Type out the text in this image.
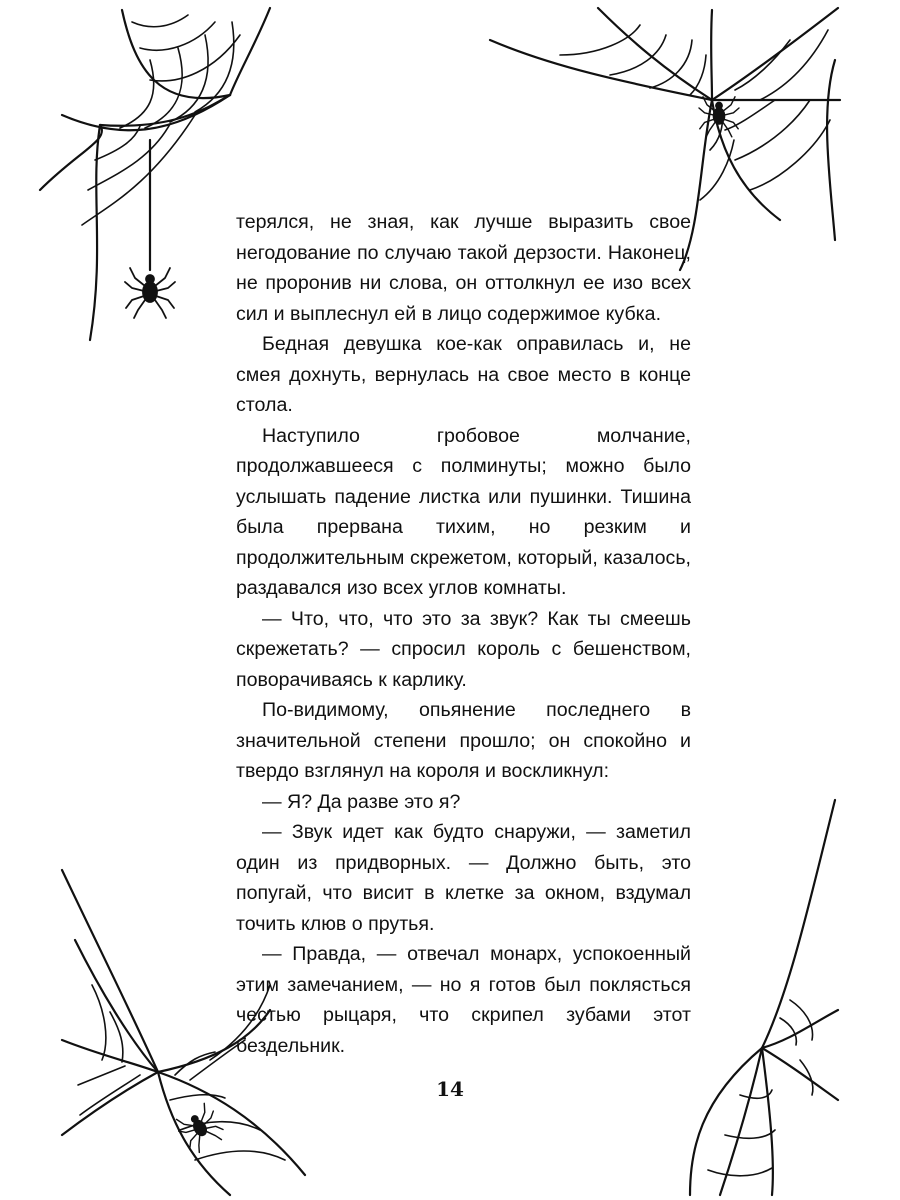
терялся, не зная, как лучше выразить свое негодование по случаю такой дерзости. Наконец, не проронив ни слова, он оттолкнул ее изо всех сил и выплеснул ей в лицо содержимое кубка.

Бедная девушка кое-как оправилась и, не смея дохнуть, вернулась на свое место в конце стола.

Наступило гробовое молчание, продолжавшееся с полминуты; можно было услышать падение листка или пушинки. Тишина была прервана тихим, но резким и продолжительным скрежетом, который, казалось, раздавался изо всех углов комнаты.

— Что, что, что это за звук? Как ты смеешь скрежетать? — спросил король с бешенством, поворачиваясь к карлику.

По-видимому, опьянение последнего в значительной степени прошло; он спокойно и твердо взглянул на короля и воскликнул:

— Я? Да разве это я?

— Звук идет как будто снаружи, — заметил один из придворных. — Должно быть, это попугай, что висит в клетке за окном, вздумал точить клюв о прутья.

— Правда, — отвечал монарх, успокоенный этим замечанием, — но я готов был поклясться честью рыцаря, что скрипел зубами этот бездельник.

14
